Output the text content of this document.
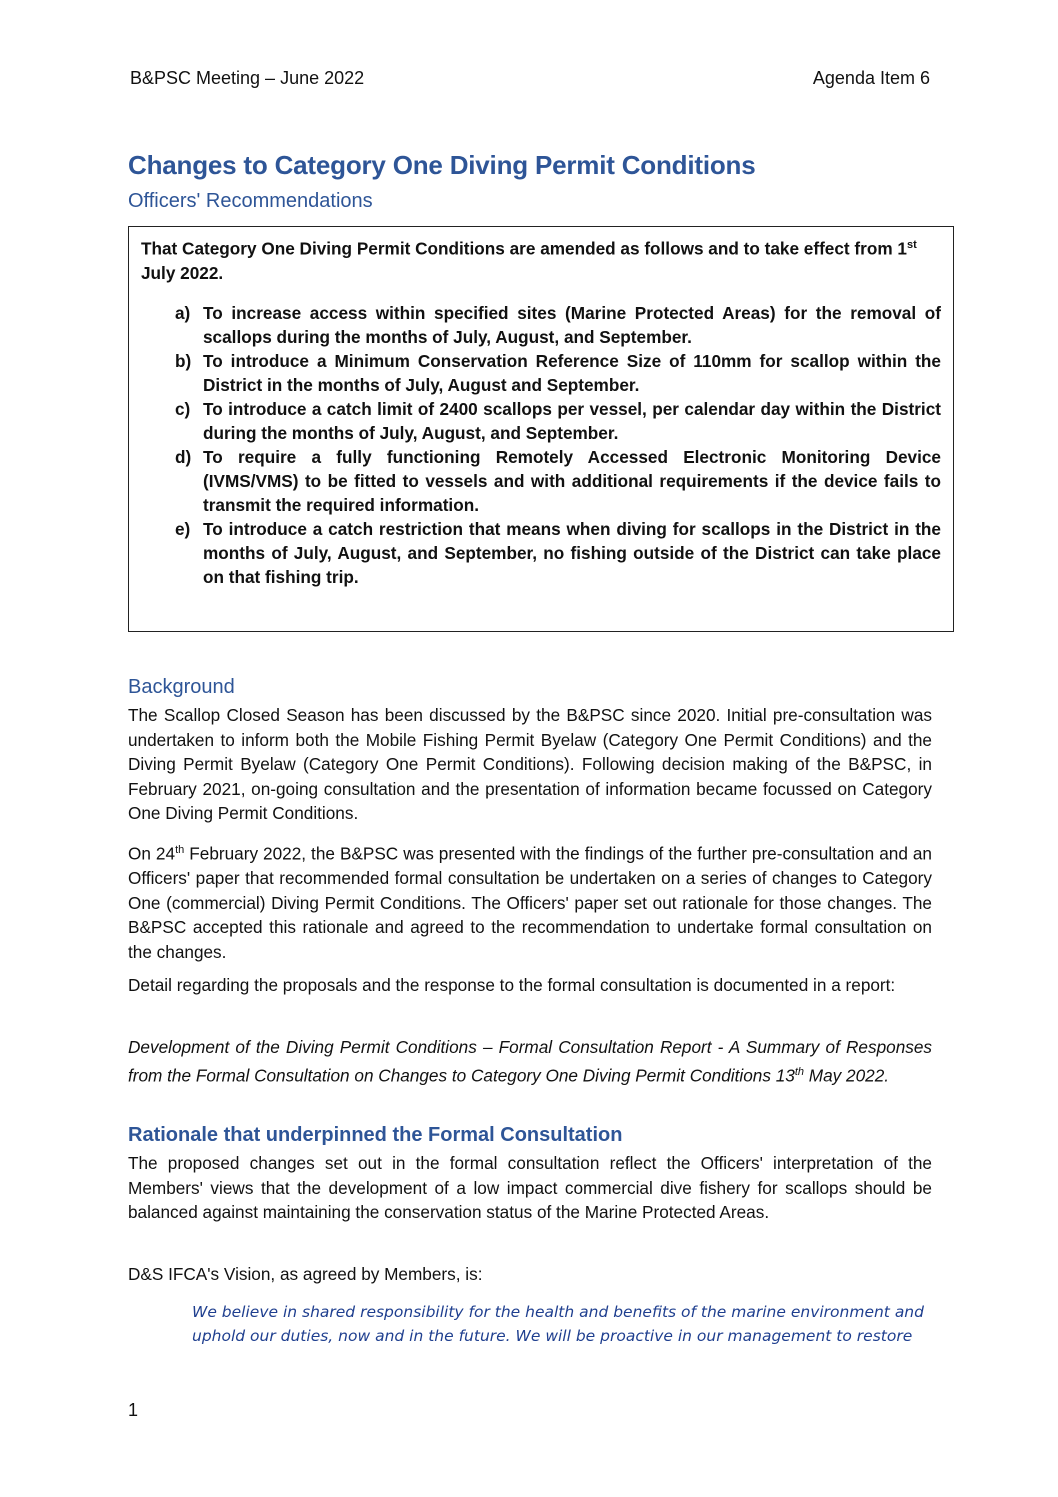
B&PSC Meeting – June 2022	Agenda Item 6
Changes to Category One Diving Permit Conditions
Officers' Recommendations

That Category One Diving Permit Conditions are amended as follows and to take effect from 1st July 2022.

a) To increase access within specified sites (Marine Protected Areas) for the removal of scallops during the months of July, August, and September.
b) To introduce a Minimum Conservation Reference Size of 110mm for scallop within the District in the months of July, August and September.
c) To introduce a catch limit of 2400 scallops per vessel, per calendar day within the District during the months of July, August, and September.
d) To require a fully functioning Remotely Accessed Electronic Monitoring Device (IVMS/VMS) to be fitted to vessels and with additional requirements if the device fails to transmit the required information.
e) To introduce a catch restriction that means when diving for scallops in the District in the months of July, August, and September, no fishing outside of the District can take place on that fishing trip.
Background

The Scallop Closed Season has been discussed by the B&PSC since 2020. Initial pre-consultation was undertaken to inform both the Mobile Fishing Permit Byelaw (Category One Permit Conditions) and the Diving Permit Byelaw (Category One Permit Conditions). Following decision making of the B&PSC, in February 2021, on-going consultation and the presentation of information became focussed on Category One Diving Permit Conditions.

On 24th February 2022, the B&PSC was presented with the findings of the further pre-consultation and an Officers' paper that recommended formal consultation be undertaken on a series of changes to Category One (commercial) Diving Permit Conditions. The Officers' paper set out rationale for those changes. The B&PSC accepted this rationale and agreed to the recommendation to undertake formal consultation on the changes.

Detail regarding the proposals and the response to the formal consultation is documented in a report:

Development of the Diving Permit Conditions – Formal Consultation Report - A Summary of Responses from the Formal Consultation on Changes to Category One Diving Permit Conditions 13th May 2022.

Rationale that underpinned the Formal Consultation

The proposed changes set out in the formal consultation reflect the Officers' interpretation of the Members' views that the development of a low impact commercial dive fishery for scallops should be balanced against maintaining the conservation status of the Marine Protected Areas.

D&S IFCA's Vision, as agreed by Members, is:

We believe in shared responsibility for the health and benefits of the marine environment and uphold our duties, now and in the future. We will be proactive in our management to restore

1
